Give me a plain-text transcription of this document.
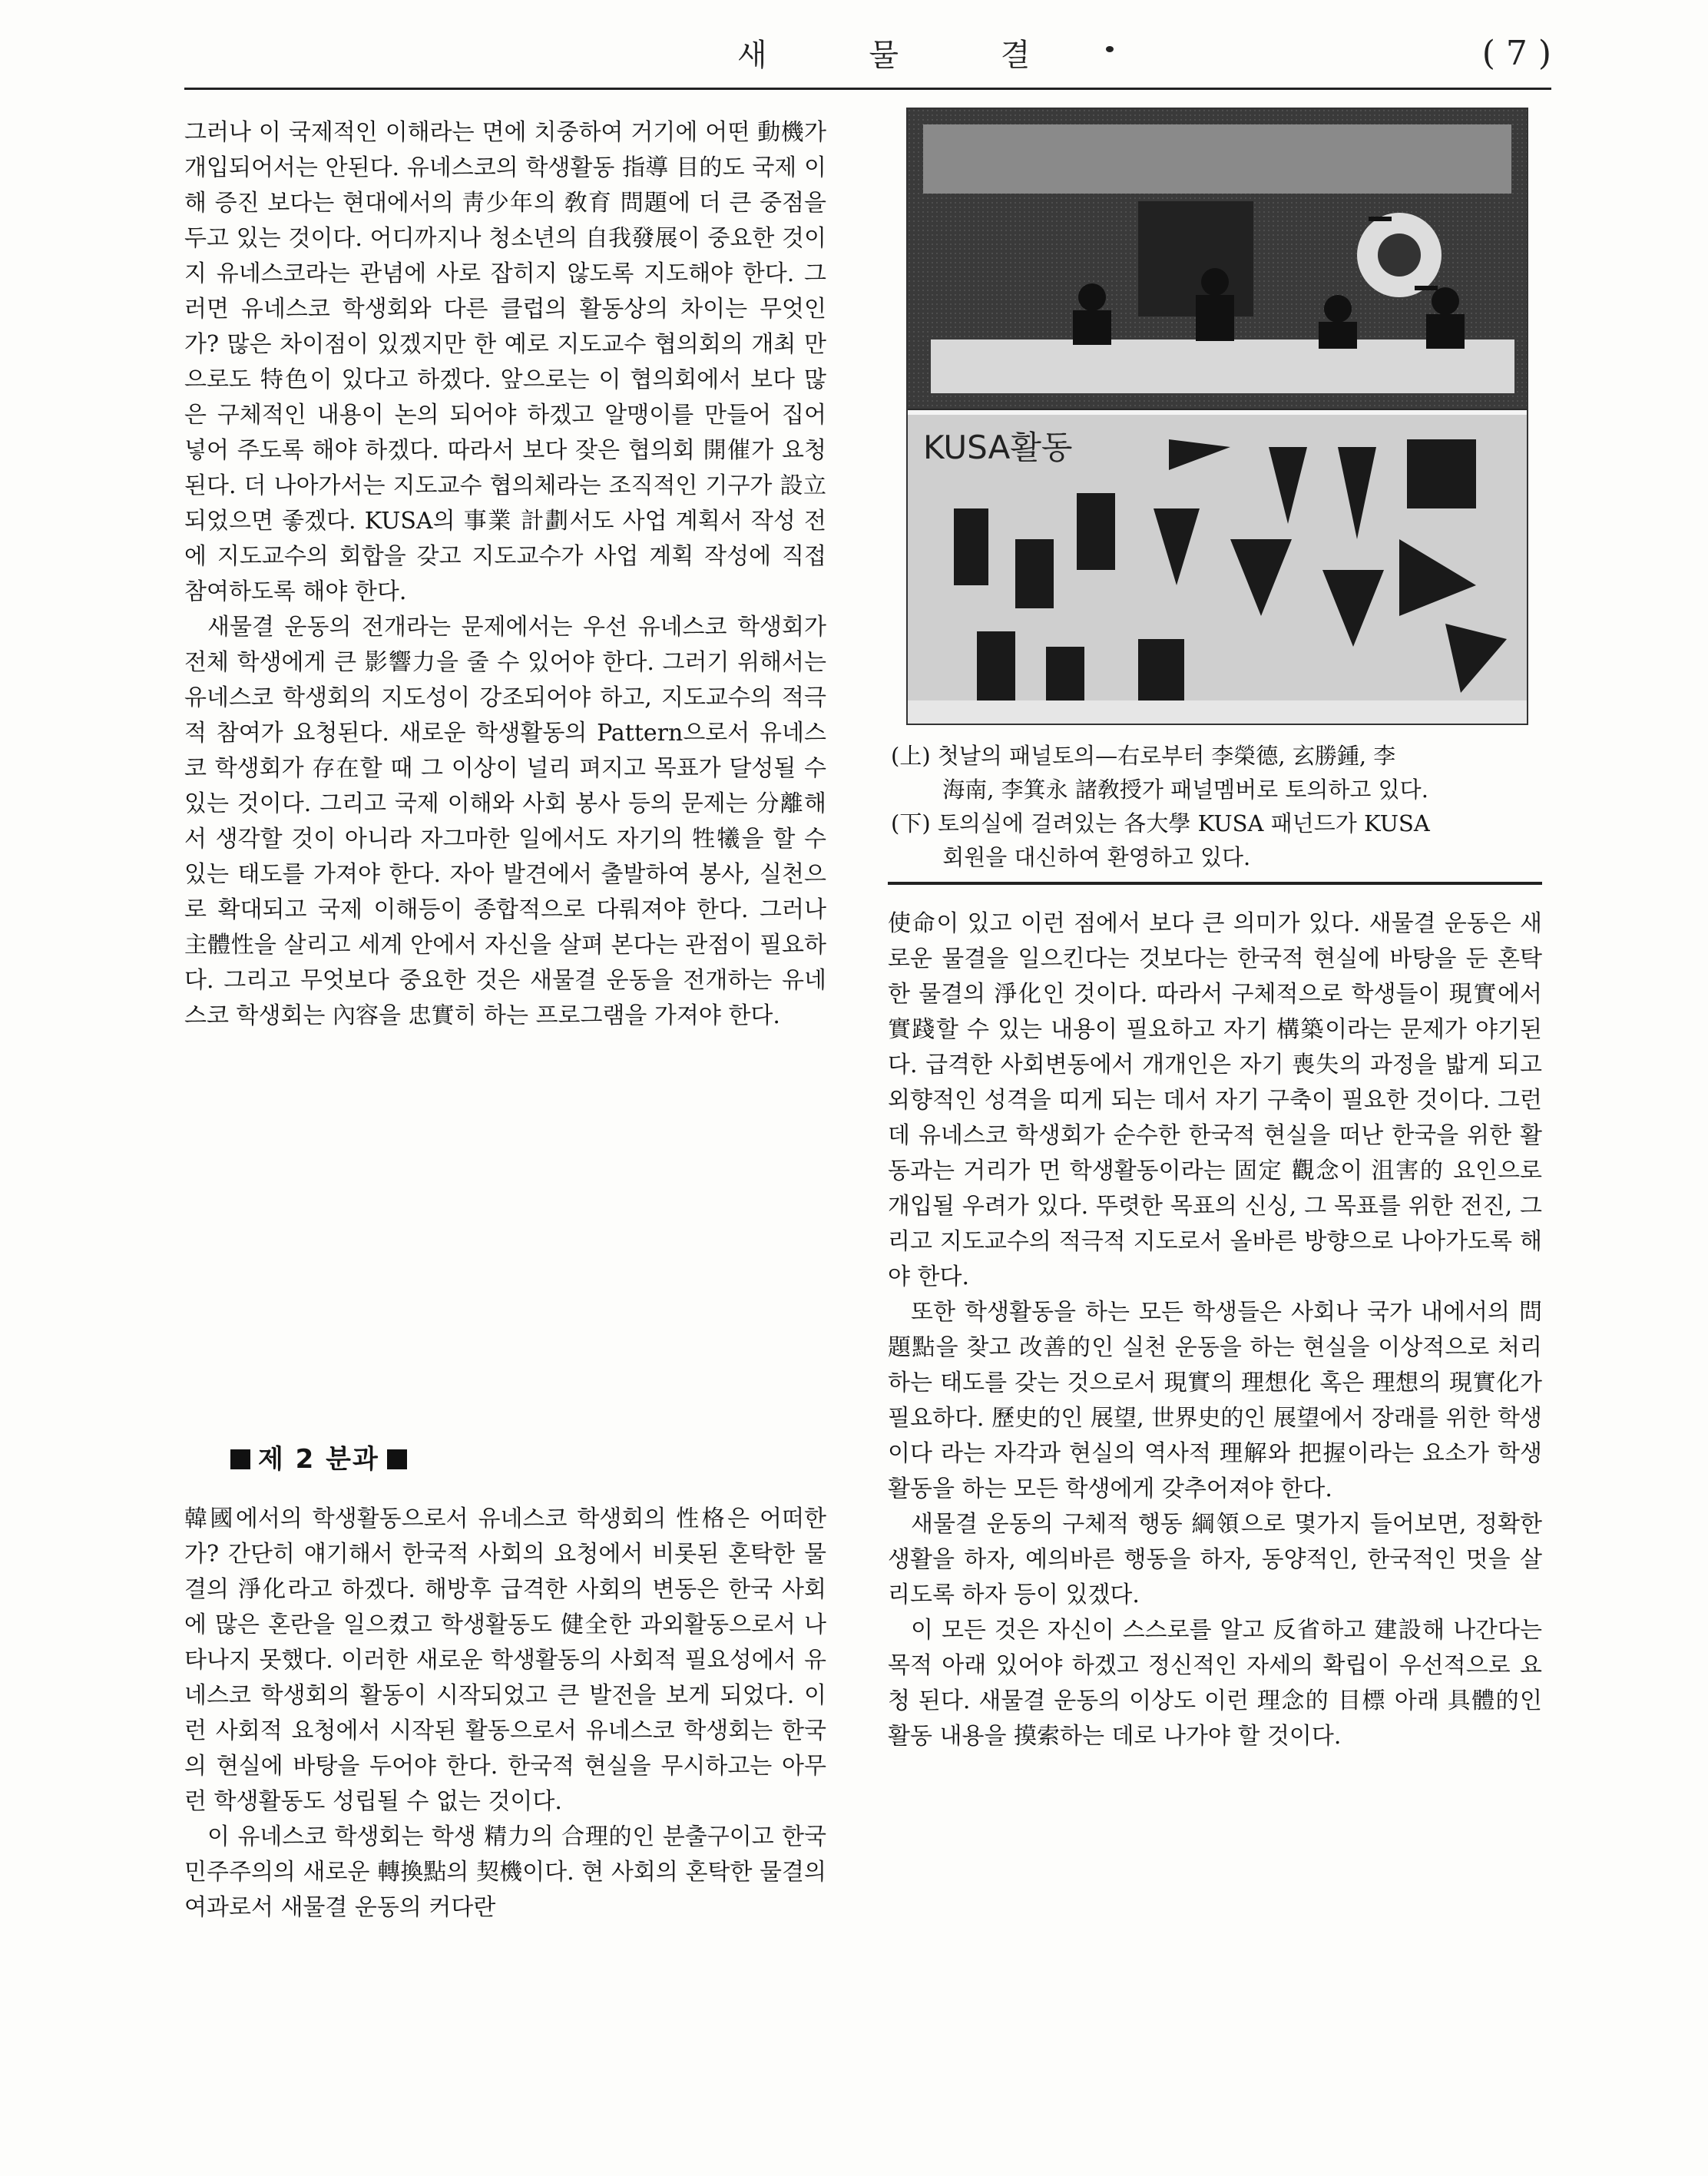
새 물 결	( 7 )

그러나 이 국제적인 이해라는 면에 치중하여 거기에 어떤 動機가 개입되어서는 안된다. 유네스코의 학생활동 指導 目的도 국제 이해 증진 보다는 현대에서의 靑少年의 敎育 問題에 더 큰 중점을 두고 있는 것이다. 어디까지나 청소년의 自我發展이 중요한 것이지 유네스코라는 관념에 사로 잡히지 않도록 지도해야 한다. 그러면 유네스코 학생회와 다른 클럽의 활동상의 차이는 무엇인가? 많은 차이점이 있겠지만 한 예로 지도교수 협의회의 개최 만으로도 特色이 있다고 하겠다. 앞으로는 이 협의회에서 보다 많은 구체적인 내용이 논의 되어야 하겠고 알맹이를 만들어 집어 넣어 주도록 해야 하겠다. 따라서 보다 잦은 협의회 開催가 요청된다. 더 나아가서는 지도교수 협의체라는 조직적인 기구가 設立되었으면 좋겠다. KUSA의 事業 計劃서도 사업 계획서 작성 전에 지도교수의 회합을 갖고 지도교수가 사업 계획 작성에 직접 참여하도록 해야 한다.

새물결 운동의 전개라는 문제에서는 우선 유네스코 학생회가 전체 학생에게 큰 影響力을 줄 수 있어야 한다. 그러기 위해서는 유네스코 학생회의 지도성이 강조되어야 하고, 지도교수의 적극적 참여가 요청된다. 새로운 학생활동의 Pattern으로서 유네스코 학생회가 存在할 때 그 이상이 널리 펴지고 목표가 달성될 수 있는 것이다. 그리고 국제 이해와 사회 봉사 등의 문제는 分離해서 생각할 것이 아니라 자그마한 일에서도 자기의 牲犧을 할 수 있는 태도를 가져야 한다. 자아 발견에서 출발하여 봉사, 실천으로 확대되고 국제 이해등이 종합적으로 다뤄져야 한다. 그러나 主體性을 살리고 세계 안에서 자신을 살펴 본다는 관점이 필요하다. 그리고 무엇보다 중요한 것은 새물결 운동을 전개하는 유네스코 학생회는 內容을 忠實히 하는 프로그램을 가져야 한다.

제 2 분과

韓國에서의 학생활동으로서 유네스코 학생회의 性格은 어떠한가? 간단히 얘기해서 한국적 사회의 요청에서 비롯된 혼탁한 물결의 淨化라고 하겠다. 해방후 급격한 사회의 변동은 한국 사회에 많은 혼란을 일으켰고 학생활동도 健全한 과외활동으로서 나타나지 못했다. 이러한 새로운 학생활동의 사회적 필요성에서 유네스코 학생회의 활동이 시작되었고 큰 발전을 보게 되었다. 이런 사회적 요청에서 시작된 활동으로서 유네스코 학생회는 한국의 현실에 바탕을 두어야 한다. 한국적 현실을 무시하고는 아무런 학생활동도 성립될 수 없는 것이다.

이 유네스코 학생회는 학생 精力의 合理的인 분출구이고 한국 민주주의의 새로운 轉換點의 契機이다. 현 사회의 혼탁한 물결의 여과로서 새물결 운동의 커다란

KUSA활동
(上) 첫날의 패널토의—右로부터 李榮德, 玄勝鍾, 李
　　 海南, 李箕永 諸敎授가 패널멤버로 토의하고 있다.
(下) 토의실에 걸려있는 各大學 KUSA 패넌드가 KUSA
　　 회원을 대신하여 환영하고 있다.

使命이 있고 이런 점에서 보다 큰 의미가 있다. 새물결 운동은 새로운 물결을 일으킨다는 것보다는 한국적 현실에 바탕을 둔 혼탁한 물결의 淨化인 것이다. 따라서 구체적으로 학생들이 現實에서 實踐할 수 있는 내용이 필요하고 자기 構築이라는 문제가 야기된다. 급격한 사회변동에서 개개인은 자기 喪失의 과정을 밟게 되고 외향적인 성격을 띠게 되는 데서 자기 구축이 필요한 것이다. 그런데 유네스코 학생회가 순수한 한국적 현실을 떠난 한국을 위한 활동과는 거리가 먼 학생활동이라는 固定 觀念이 沮害的 요인으로 개입될 우려가 있다. 뚜렷한 목표의 신싱, 그 목표를 위한 전진, 그리고 지도교수의 적극적 지도로서 올바른 방향으로 나아가도록 해야 한다.

또한 학생활동을 하는 모든 학생들은 사회나 국가 내에서의 問題點을 찾고 改善的인 실천 운동을 하는 현실을 이상적으로 처리하는 태도를 갖는 것으로서 現實의 理想化 혹은 理想의 現實化가 필요하다. 歷史的인 展望, 世界史的인 展望에서 장래를 위한 학생이다 라는 자각과 현실의 역사적 理解와 把握이라는 요소가 학생활동을 하는 모든 학생에게 갖추어져야 한다.

새물결 운동의 구체적 행동 綱領으로 몇가지 들어보면, 정확한 생활을 하자, 예의바른 행동을 하자, 동양적인, 한국적인 멋을 살리도록 하자 등이 있겠다.

이 모든 것은 자신이 스스로를 알고 反省하고 建設해 나간다는 목적 아래 있어야 하겠고 정신적인 자세의 확립이 우선적으로 요청 된다. 새물결 운동의 이상도 이런 理念的 目標 아래 具體的인 활동 내용을 摸索하는 데로 나가야 할 것이다.
